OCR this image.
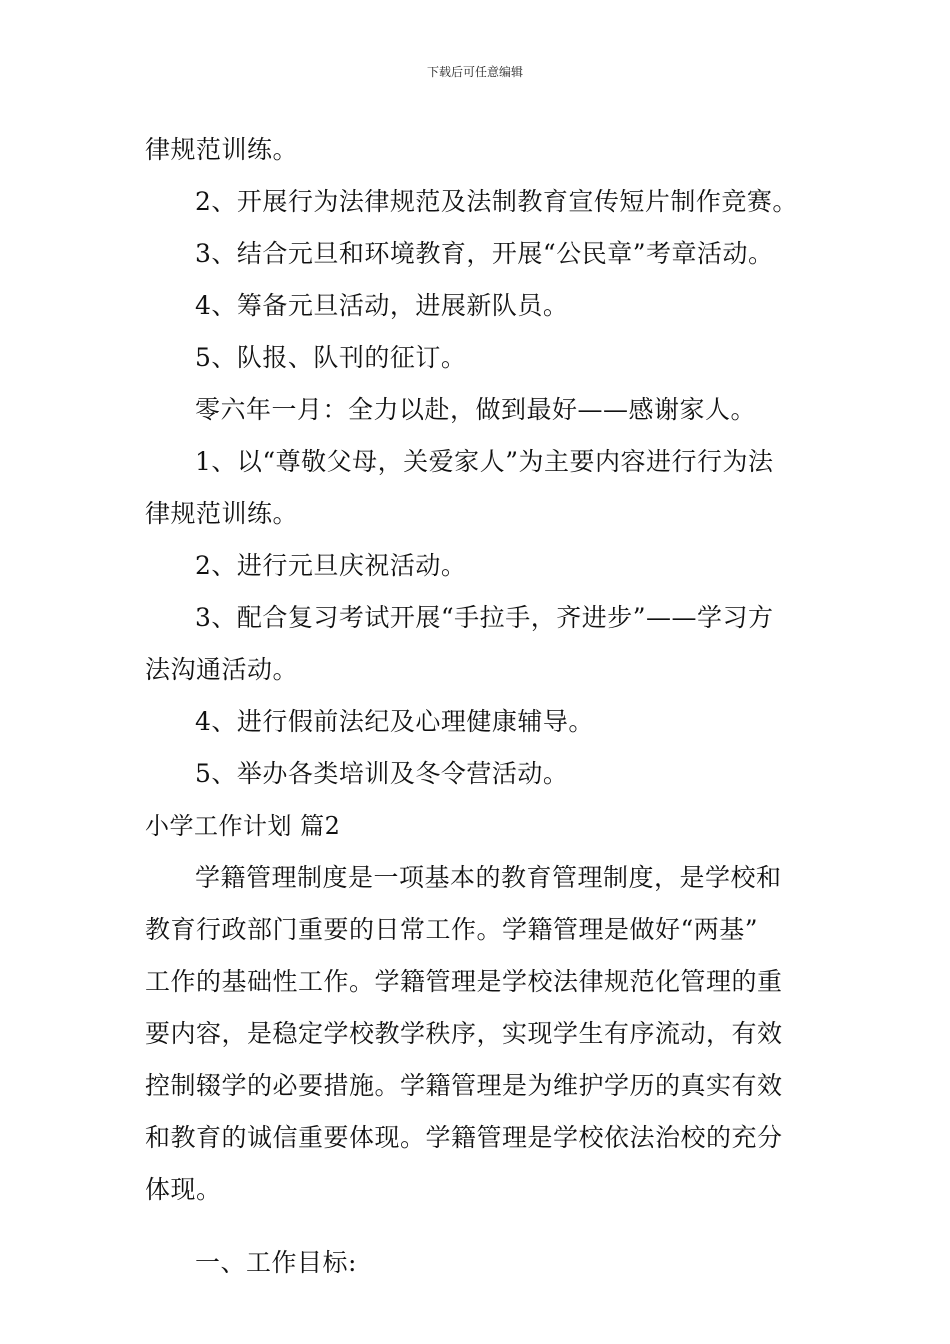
下载后可任意编辑
律规范训练。
2、开展行为法律规范及法制教育宣传短片制作竞赛。
3、结合元旦和环境教育，开展“公民章”考章活动。
4、筹备元旦活动，进展新队员。
5、队报、队刊的征订。
零六年一月：全力以赴，做到最好——感谢家人。
1、以“尊敬父母，关爱家人”为主要内容进行行为法
律规范训练。
2、进行元旦庆祝活动。
3、配合复习考试开展“手拉手，齐进步”——学习方
法沟通活动。
4、进行假前法纪及心理健康辅导。
5、举办各类培训及冬令营活动。
小学工作计划 篇2
学籍管理制度是一项基本的教育管理制度，是学校和
教育行政部门重要的日常工作。学籍管理是做好“两基”
工作的基础性工作。学籍管理是学校法律规范化管理的重
要内容，是稳定学校教学秩序，实现学生有序流动，有效
控制辍学的必要措施。学籍管理是为维护学历的真实有效
和教育的诚信重要体现。学籍管理是学校依法治校的充分
体现。
一、工作目标:
